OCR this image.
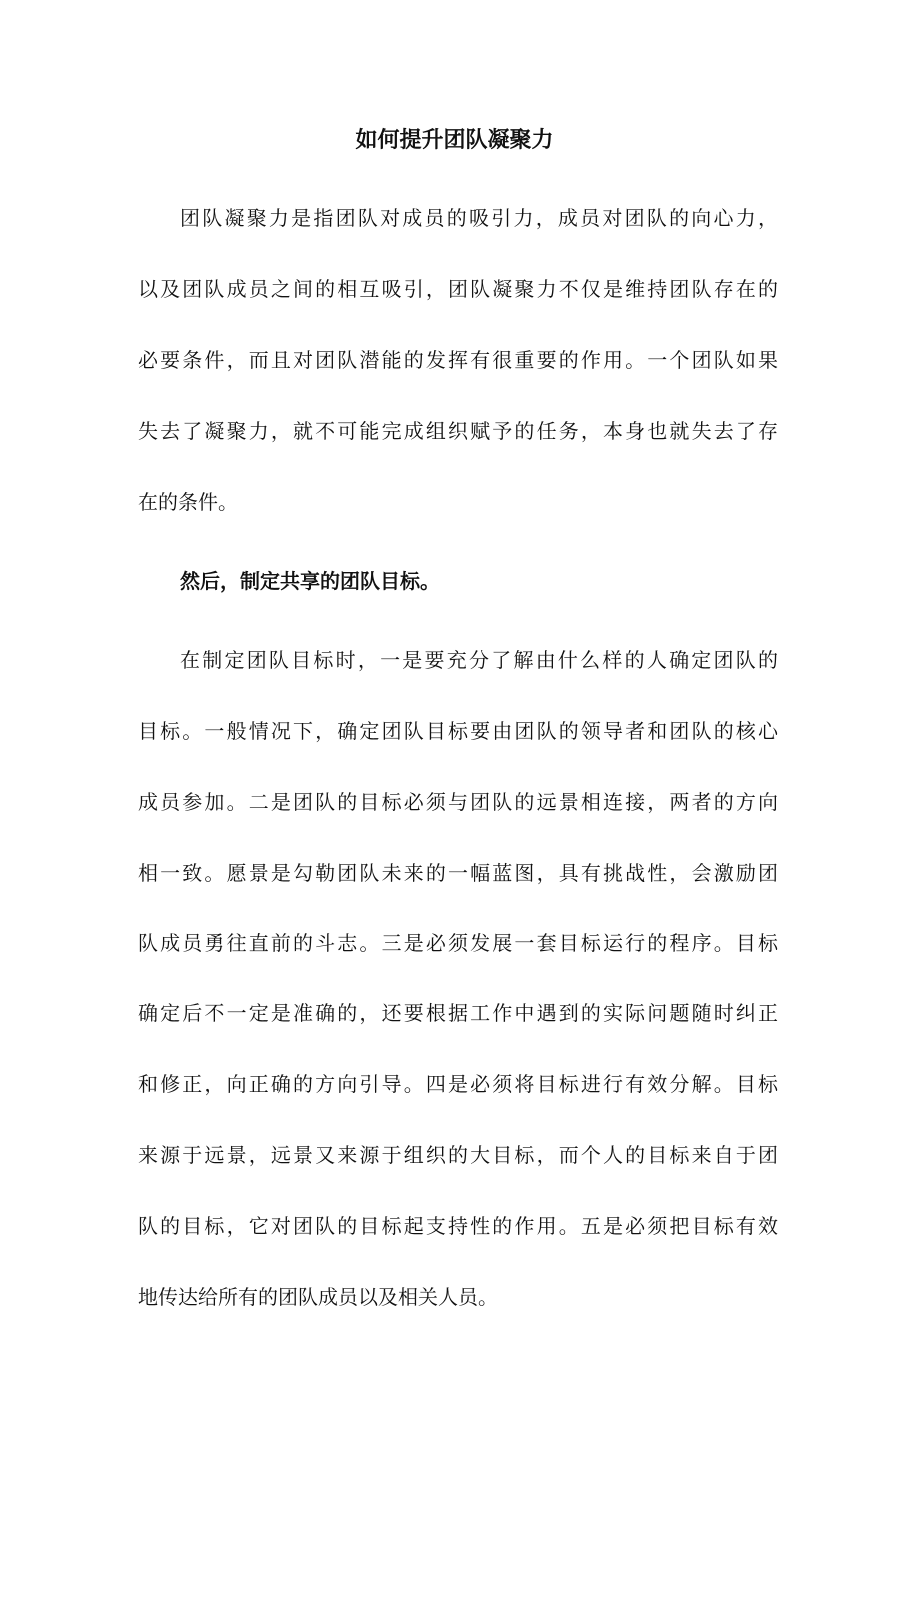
如何提升团队凝聚力

团队凝聚力是指团队对成员的吸引力，成员对团队的向心力，

以及团队成员之间的相互吸引，团队凝聚力不仅是维持团队存在的

必要条件，而且对团队潜能的发挥有很重要的作用。一个团队如果

失去了凝聚力，就不可能完成组织赋予的任务，本身也就失去了存

在的条件。

然后，制定共享的团队目标。

在制定团队目标时，一是要充分了解由什么样的人确定团队的

目标。一般情况下，确定团队目标要由团队的领导者和团队的核心

成员参加。二是团队的目标必须与团队的远景相连接，两者的方向

相一致。愿景是勾勒团队未来的一幅蓝图，具有挑战性，会激励团

队成员勇往直前的斗志。三是必须发展一套目标运行的程序。目标

确定后不一定是准确的，还要根据工作中遇到的实际问题随时纠正

和修正，向正确的方向引导。四是必须将目标进行有效分解。目标

来源于远景，远景又来源于组织的大目标，而个人的目标来自于团

队的目标，它对团队的目标起支持性的作用。五是必须把目标有效

地传达给所有的团队成员以及相关人员。
